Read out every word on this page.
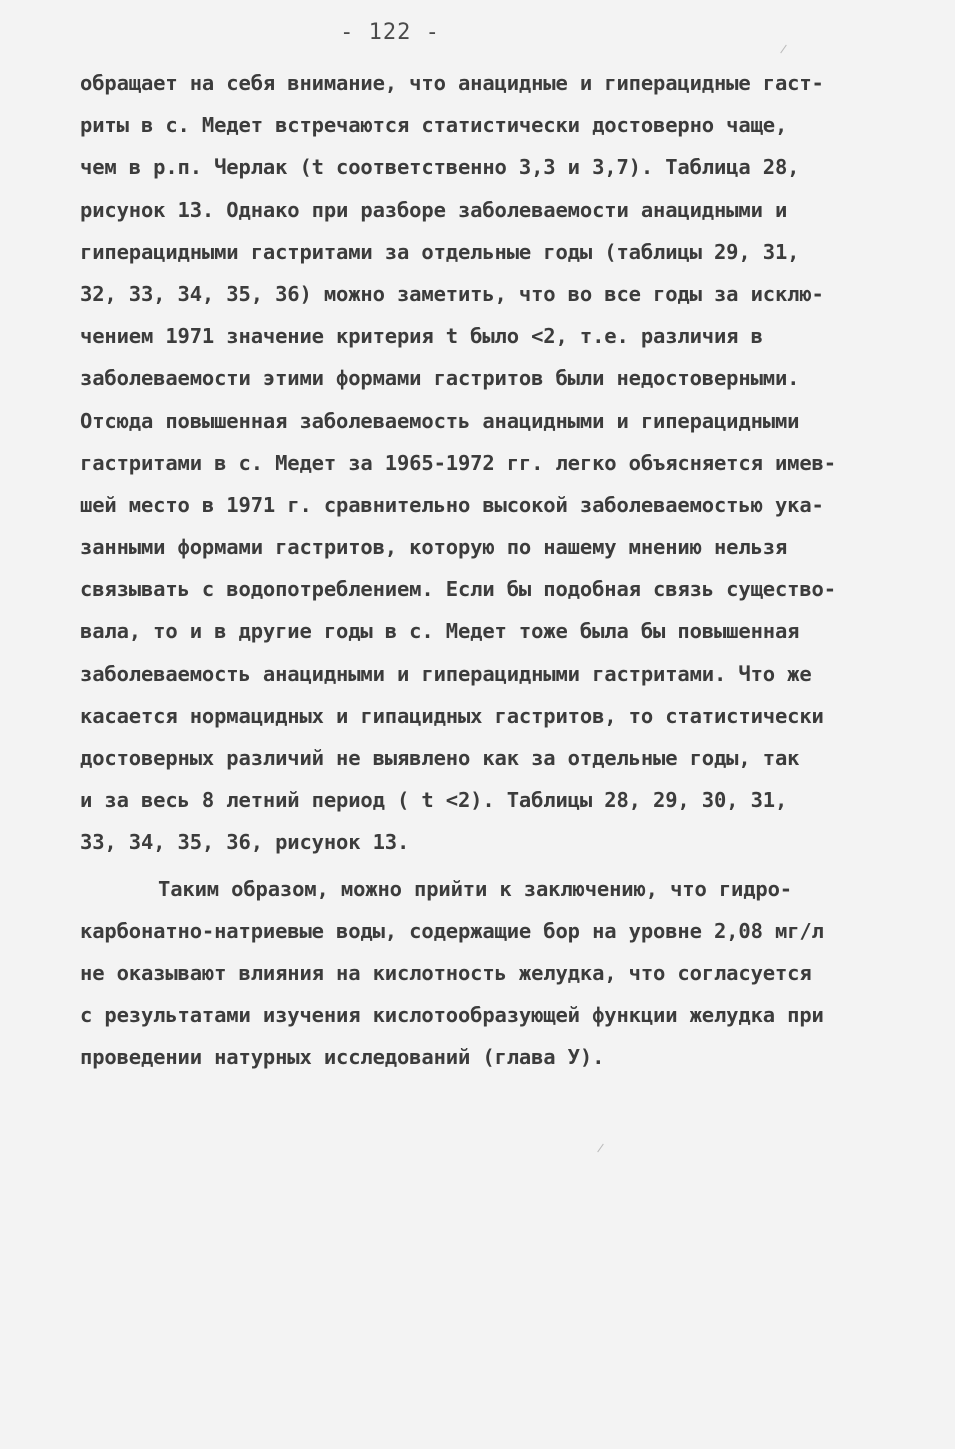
- 122 -
обращает на себя внимание, что анацидные и гиперацидные гаст-
риты в с. Медет встречаются статистически достоверно чаще,
чем в р.п. Черлак (t соответственно 3,3 и 3,7). Таблица 28,
рисунок 13. Однако при разборе заболеваемости анацидными и
гиперацидными гастритами за отдельные годы (таблицы 29, 31,
32, 33, 34, 35, 36) можно заметить, что во все годы за исклю-
чением 1971 значение критерия t было <2, т.е. различия в
заболеваемости этими формами гастритов были недостоверными.
Отсюда повышенная заболеваемость анацидными и гиперацидными
гастритами в с. Медет за 1965-1972 гг. легко объясняется имев-
шей место в 1971 г. сравнительно высокой заболеваемостью ука-
занными формами гастритов, которую по нашему мнению нельзя
связывать с водопотреблением. Если бы подобная связь существо-
вала, то и в другие годы в с. Медет тоже была бы повышенная
заболеваемость анацидными и гиперацидными гастритами. Что же
касается нормацидных и гипацидных гастритов, то статистически
достоверных различий не выявлено как за отдельные годы, так
и за весь 8 летний период ( t <2). Таблицы 28, 29, 30, 31,
33, 34, 35, 36, рисунок 13.
Таким образом, можно прийти к заключению, что гидро-
карбонатно-натриевые воды, содержащие бор на уровне 2,08 мг/л
не оказывают влияния на кислотность желудка, что согласуется
с результатами изучения кислотообразующей функции желудка при
проведении натурных исследований (глава У).
